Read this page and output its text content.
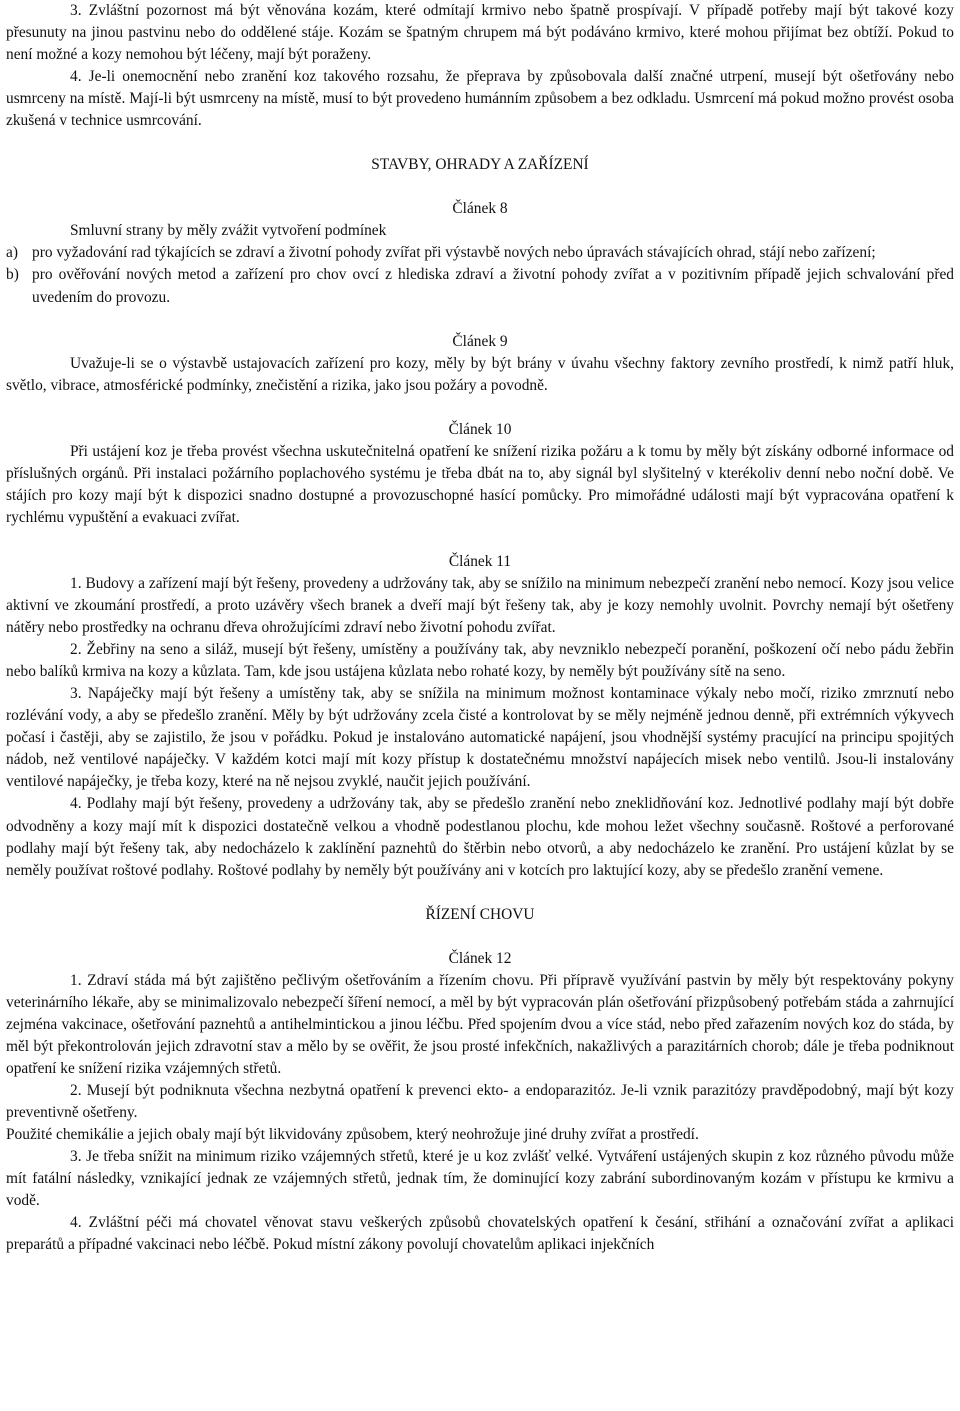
3. Zvláštní pozornost má být věnována kozám, které odmítají krmivo nebo špatně prospívají. V případě potřeby mají být takové kozy přesunuty na jinou pastvinu nebo do oddělené stáje. Kozám se špatným chrupem má být podáváno krmivo, které mohou přijímat bez obtíží. Pokud to není možné a kozy nemohou být léčeny, mají být poraženy.

4. Je-li onemocnění nebo zranění koz takového rozsahu, že přeprava by způsobovala další značné utrpení, musejí být ošetřovány nebo usmrceny na místě. Mají-li být usmrceny na místě, musí to být provedeno humánním způsobem a bez odkladu. Usmrcení má pokud možno provést osoba zkušená v technice usmrcování.

STAVBY, OHRADY A ZAŘÍZENÍ

Článek 8

Smluvní strany by měly zvážit vytvoření podmínek

a) pro vyžadování rad týkajících se zdraví a životní pohody zvířat při výstavbě nových nebo úpravách stávajících ohrad, stájí nebo zařízení;
b) pro ověřování nových metod a zařízení pro chov ovcí z hlediska zdraví a životní pohody zvířat a v pozitivním případě jejich schvalování před uvedením do provozu.

Článek 9

Uvažuje-li se o výstavbě ustajovacích zařízení pro kozy, měly by být brány v úvahu všechny faktory zevního prostředí, k nimž patří hluk, světlo, vibrace, atmosférické podmínky, znečistění a rizika, jako jsou požáry a povodně.

Článek 10

Při ustájení koz je třeba provést všechna uskutečnitelná opatření ke snížení rizika požáru a k tomu by měly být získány odborné informace od příslušných orgánů. Při instalaci požárního poplachového systému je třeba dbát na to, aby signál byl slyšitelný v kterékoliv denní nebo noční době. Ve stájích pro kozy mají být k dispozici snadno dostupné a provozuschopné hasící pomůcky. Pro mimořádné události mají být vypracována opatření k rychlému vypuštění a evakuaci zvířat.

Článek 11

1. Budovy a zařízení mají být řešeny, provedeny a udržovány tak, aby se snížilo na minimum nebezpečí zranění nebo nemocí. Kozy jsou velice aktivní ve zkoumání prostředí, a proto uzávěry všech branek a dveří mají být řešeny tak, aby je kozy nemohly uvolnit. Povrchy nemají být ošetřeny nátěry nebo prostředky na ochranu dřeva ohrožujícími zdraví nebo životní pohodu zvířat.

2. Žebřiny na seno a siláž, musejí být řešeny, umístěny a používány tak, aby nevzniklo nebezpečí poranění, poškození očí nebo pádu žebřin nebo balíků krmiva na kozy a kůzlata. Tam, kde jsou ustájena kůzlata nebo rohaté kozy, by neměly být používány sítě na seno.

3. Napáječky mají být řešeny a umístěny tak, aby se snížila na minimum možnost kontaminace výkaly nebo močí, riziko zmrznutí nebo rozlévání vody, a aby se předešlo zranění. Měly by být udržovány zcela čisté a kontrolovat by se měly nejméně jednou denně, při extrémních výkyvech počasí i častěji, aby se zajistilo, že jsou v pořádku. Pokud je instalováno automatické napájení, jsou vhodnější systémy pracující na principu spojitých nádob, než ventilové napáječky. V každém kotci mají mít kozy přístup k dostatečnému množství napájecích misek nebo ventilů. Jsou-li instalovány ventilové napáječky, je třeba kozy, které na ně nejsou zvyklé, naučit jejich používání.

4. Podlahy mají být řešeny, provedeny a udržovány tak, aby se předešlo zranění nebo zneklidňování koz. Jednotlivé podlahy mají být dobře odvodněny a kozy mají mít k dispozici dostatečně velkou a vhodně podestlanou plochu, kde mohou ležet všechny současně. Roštové a perforované podlahy mají být řešeny tak, aby nedocházelo k zaklínění paznehtů do štěrbin nebo otvorů, a aby nedocházelo ke zranění. Pro ustájení kůzlat by se neměly používat roštové podlahy. Roštové podlahy by neměly být používány ani v kotcích pro laktující kozy, aby se předešlo zranění vemene.

ŘÍZENÍ CHOVU

Článek 12

1. Zdraví stáda má být zajištěno pečlivým ošetřováním a řízením chovu. Při přípravě využívání pastvin by měly být respektovány pokyny veterinárního lékaře, aby se minimalizovalo nebezpečí šíření nemocí, a měl by být vypracován plán ošetřování přizpůsobený potřebám stáda a zahrnující zejména vakcinace, ošetřování paznehtů a antihelmintickou a jinou léčbu. Před spojením dvou a více stád, nebo před zařazením nových koz do stáda, by měl být překontrolován jejich zdravotní stav a mělo by se ověřit, že jsou prosté infekčních, nakažlivých a parazitárních chorob; dále je třeba podniknout opatření ke snížení rizika vzájemných střetů.

2. Musejí být podniknuta všechna nezbytná opatření k prevenci ekto- a endoparazitóz. Je-li vznik parazitózy pravděpodobný, mají být kozy preventivně ošetřeny.

Použité chemikálie a jejich obaly mají být likvidovány způsobem, který neohrožuje jiné druhy zvířat a prostředí.

3. Je třeba snížit na minimum riziko vzájemných střetů, které je u koz zvlášť velké. Vytváření ustájených skupin z koz různého původu může mít fatální následky, vznikající jednak ze vzájemných střetů, jednak tím, že dominující kozy zabrání subordinovaným kozám v přístupu ke krmivu a vodě.

4. Zvláštní péči má chovatel věnovat stavu veškerých způsobů chovatelských opatření k česání, střihání a označování zvířat a aplikaci preparátů a případné vakcinaci nebo léčbě. Pokud místní zákony povolují chovatelům aplikaci injekčních
